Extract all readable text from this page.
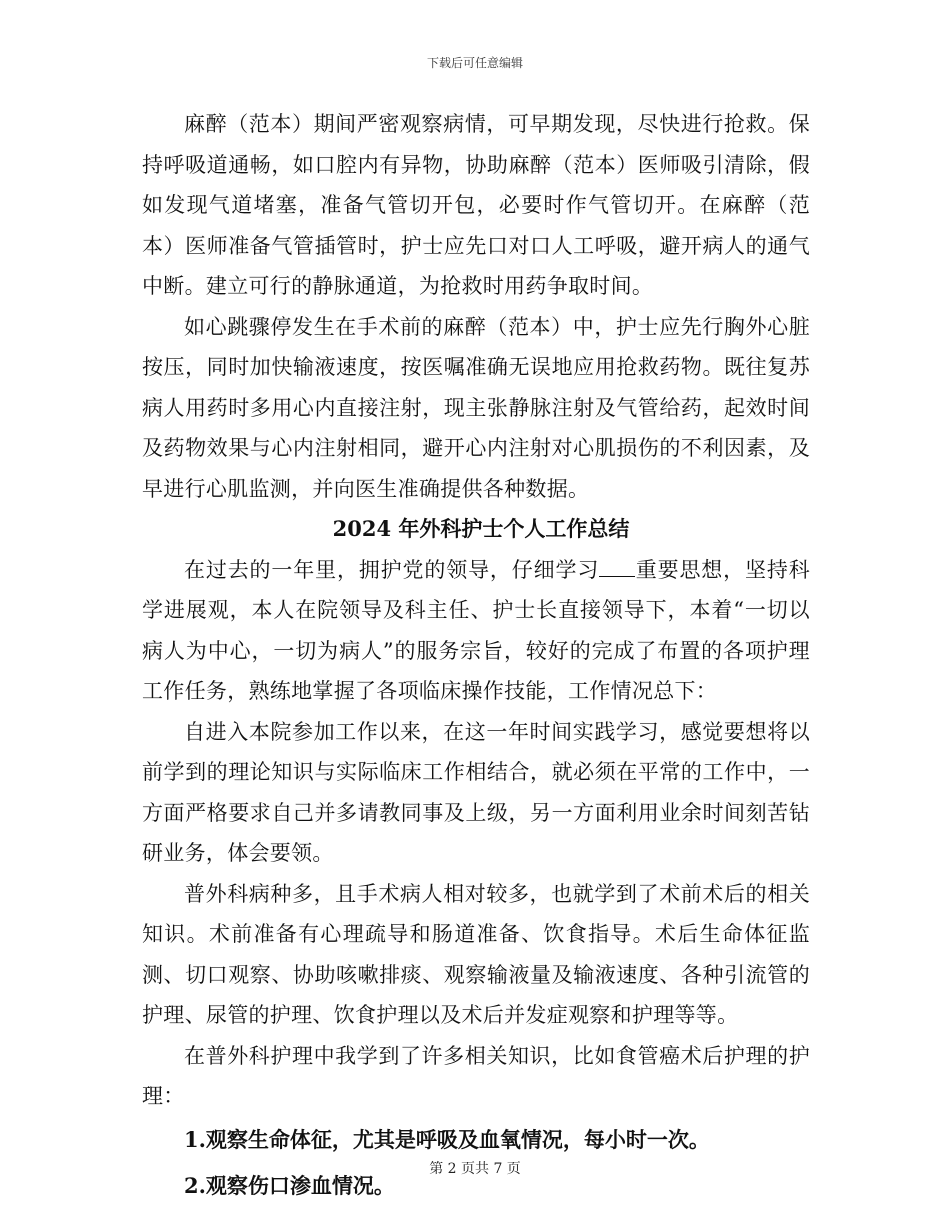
下载后可任意编辑

麻醉（范本）期间严密观察病情，可早期发现，尽快进行抢救。保持呼吸道通畅，如口腔内有异物，协助麻醉（范本）医师吸引清除，假如发现气道堵塞，准备气管切开包，必要时作气管切开。在麻醉（范本）医师准备气管插管时，护士应先口对口人工呼吸，避开病人的通气中断。建立可行的静脉通道，为抢救时用药争取时间。

如心跳骤停发生在手术前的麻醉（范本）中，护士应先行胸外心脏按压，同时加快输液速度，按医嘱准确无误地应用抢救药物。既往复苏病人用药时多用心内直接注射，现主张静脉注射及气管给药，起效时间及药物效果与心内注射相同，避开心内注射对心肌损伤的不利因素，及早进行心肌监测，并向医生准确提供各种数据。

2024 年外科护士个人工作总结

在过去的一年里，拥护党的领导，仔细学习 重要思想，坚持科学进展观，本人在院领导及科主任、护士长直接领导下，本着“一切以病人为中心，一切为病人”的服务宗旨，较好的完成了布置的各项护理工作任务，熟练地掌握了各项临床操作技能，工作情况总下：

自进入本院参加工作以来，在这一年时间实践学习，感觉要想将以前学到的理论知识与实际临床工作相结合，就必须在平常的工作中，一方面严格要求自己并多请教同事及上级，另一方面利用业余时间刻苦钻研业务，体会要领。

普外科病种多，且手术病人相对较多，也就学到了术前术后的相关知识。术前准备有心理疏导和肠道准备、饮食指导。术后生命体征监测、切口观察、协助咳嗽排痰、观察输液量及输液速度、各种引流管的护理、尿管的护理、饮食护理以及术后并发症观察和护理等等。

在普外科护理中我学到了许多相关知识，比如食管癌术后护理的护理：

1.观察生命体征，尤其是呼吸及血氧情况，每小时一次。

2.观察伤口渗血情况。

第 2 页共 7 页
